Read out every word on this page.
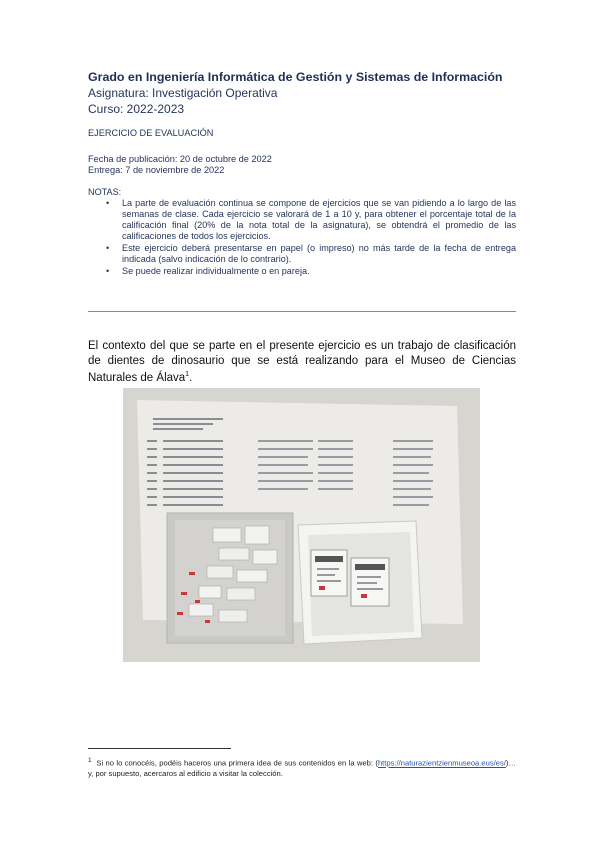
Grado en Ingeniería Informática de Gestión y Sistemas de Información
Asignatura: Investigación Operativa
Curso: 2022-2023
EJERCICIO DE EVALUACIÓN
Fecha de publicación: 20 de octubre de 2022
Entrega: 7 de noviembre de 2022
NOTAS:
• La parte de evaluación continua se compone de ejercicios que se van pidiendo a lo largo de las semanas de clase. Cada ejercicio se valorará de 1 a 10 y, para obtener el porcentaje total de la calificación final (20% de la nota total de la asignatura), se obtendrá el promedio de las calificaciones de todos los ejercicios.
• Este ejercicio deberá presentarse en papel (o impreso) no más tarde de la fecha de entrega indicada (salvo indicación de lo contrario).
• Se puede realizar individualmente o en pareja.
El contexto del que se parte en el presente ejercicio es un trabajo de clasificación de dientes de dinosaurio que se está realizando para el Museo de Ciencias Naturales de Álava$^1$.
$^1$ Si no lo conocéis, podéis haceros una primera idea de sus contenidos en la web: (https://naturazientzienmuseoa.eus/es/)… y, por supuesto, acercaros al edificio a visitar la colección.
